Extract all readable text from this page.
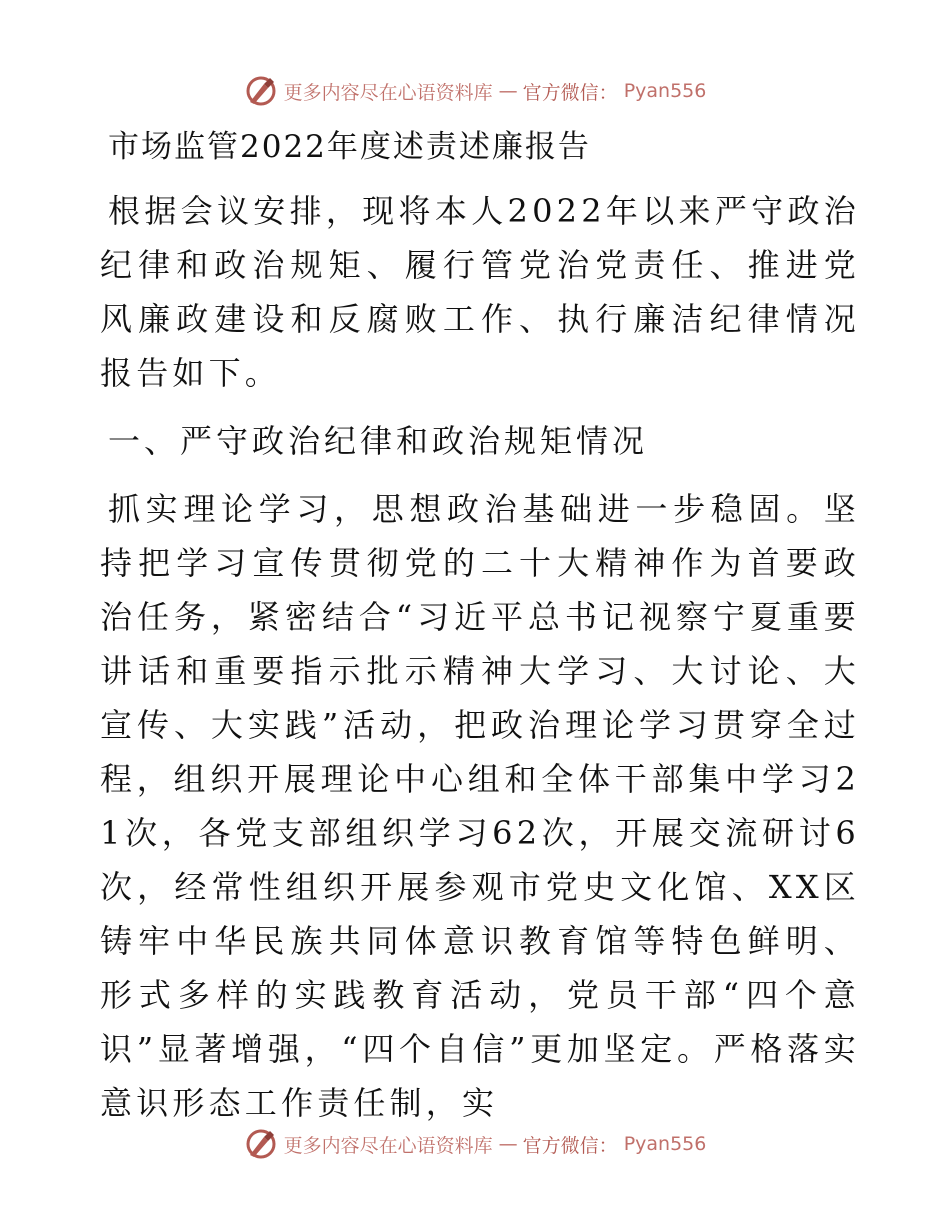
更多内容尽在心语资料库 — 官方微信： Pyan556
市场监管2022年度述责述廉报告

根据会议安排，现将本人2022年以来严守政治纪律和政治规矩、履行管党治党责任、推进党风廉政建设和反腐败工作、执行廉洁纪律情况报告如下。

一、严守政治纪律和政治规矩情况

抓实理论学习，思想政治基础进一步稳固。坚持把学习宣传贯彻党的二十大精神作为首要政治任务，紧密结合“习近平总书记视察宁夏重要讲话和重要指示批示精神大学习、大讨论、大宣传、大实践”活动，把政治理论学习贯穿全过程，组织开展理论中心组和全体干部集中学习21次，各党支部组织学习62次，开展交流研讨6次，经常性组织开展参观市党史文化馆、XX区铸牢中华民族共同体意识教育馆等特色鲜明、形式多样的实践教育活动，党员干部“四个意识”显著增强，“四个自信”更加坚定。严格落实意识形态工作责任制，实

更多内容尽在心语资料库 — 官方微信： Pyan556
